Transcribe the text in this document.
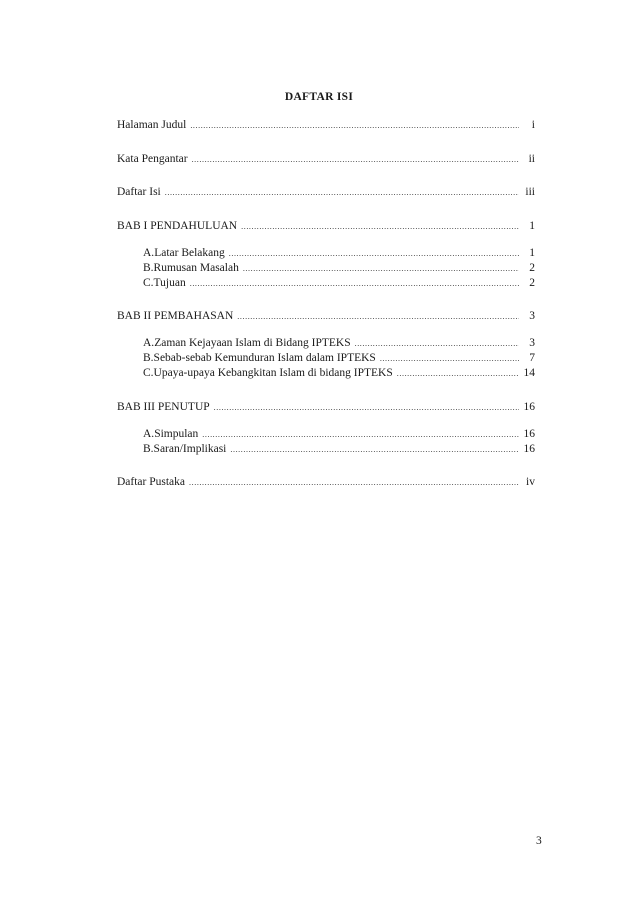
DAFTAR ISI
Halaman Judul .....	i
Kata Pengantar .....	ii
Daftar Isi .....	iii
BAB I PENDAHULUAN .....	1
A. Latar Belakang .....	1
B. Rumusan Masalah .....	2
C. Tujuan .....	2
BAB II PEMBAHASAN .....	3
A. Zaman Kejayaan Islam di Bidang IPTEKS .....	3
B. Sebab-sebab Kemunduran Islam dalam IPTEKS .....	7
C. Upaya-upaya Kebangkitan Islam di bidang IPTEKS .....	14
BAB III PENUTUP .....	16
A. Simpulan .....	16
B. Saran/Implikasi .....	16
Daftar Pustaka .....	iv
3
